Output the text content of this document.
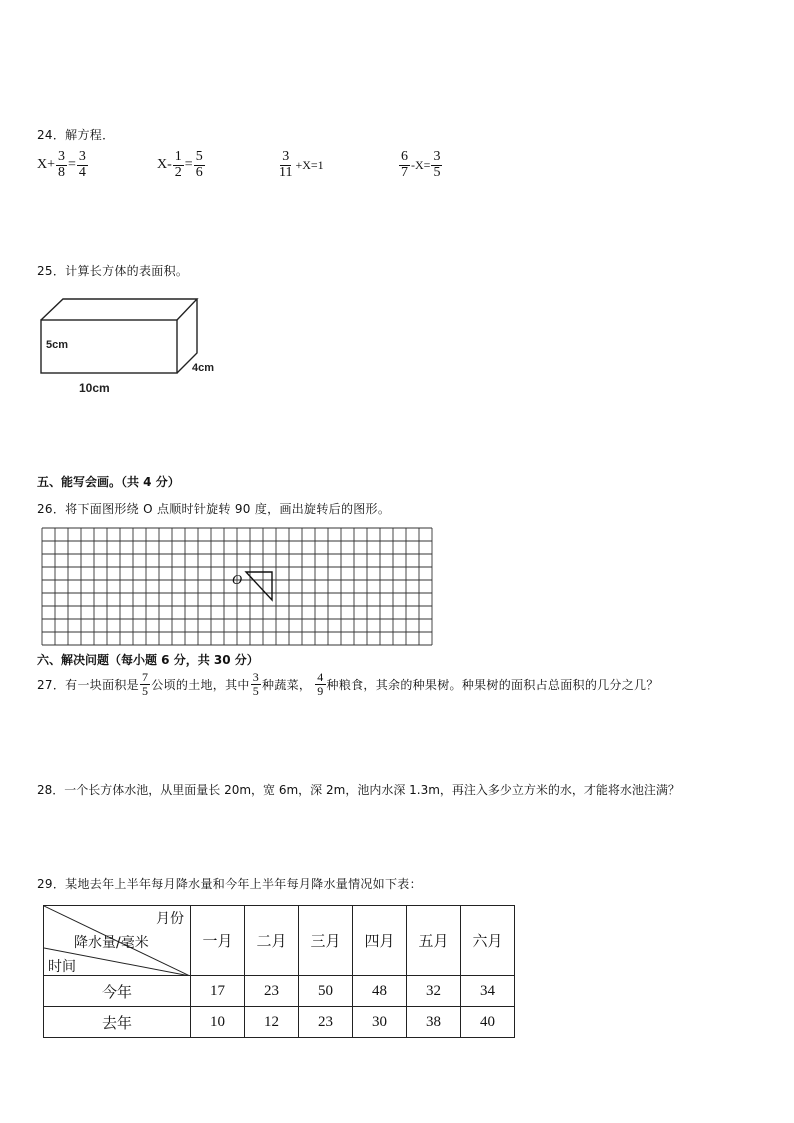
24．解方程．
$X+ \frac{3}{8} = \frac{3}{4}$	$X- \frac{1}{2} = \frac{5}{6}$	$\frac{3}{11} +X=1$	$\frac{6}{7} -X= \frac{3}{5}$
25．计算长方体的表面积。
5cm
4cm
10cm
五、能写会画。（共 4 分）
26．将下面图形绕 O 点顺时针旋转 90 度，画出旋转后的图形。
O
六、解决问题（每小题 6 分，共 30 分）
27．有一块面积是 $\frac{7}{5}$ 公顷的土地，其中 $\frac{3}{5}$ 种蔬菜， $\frac{4}{9}$ 种粮食，其余的种果树。种果树的面积占总面积的几分之几？
28．一个长方体水池，从里面量长 20m，宽 6m，深 2m，池内水深 1.3m，再注入多少立方米的水，才能将水池注满？
29．某地去年上半年每月降水量和今年上半年每月降水量情况如下表：
月份
降水量/毫米
时间	一月	二月	三月	四月	五月	六月
今年	17	23	50	48	32	34
去年	10	12	23	30	38	40
